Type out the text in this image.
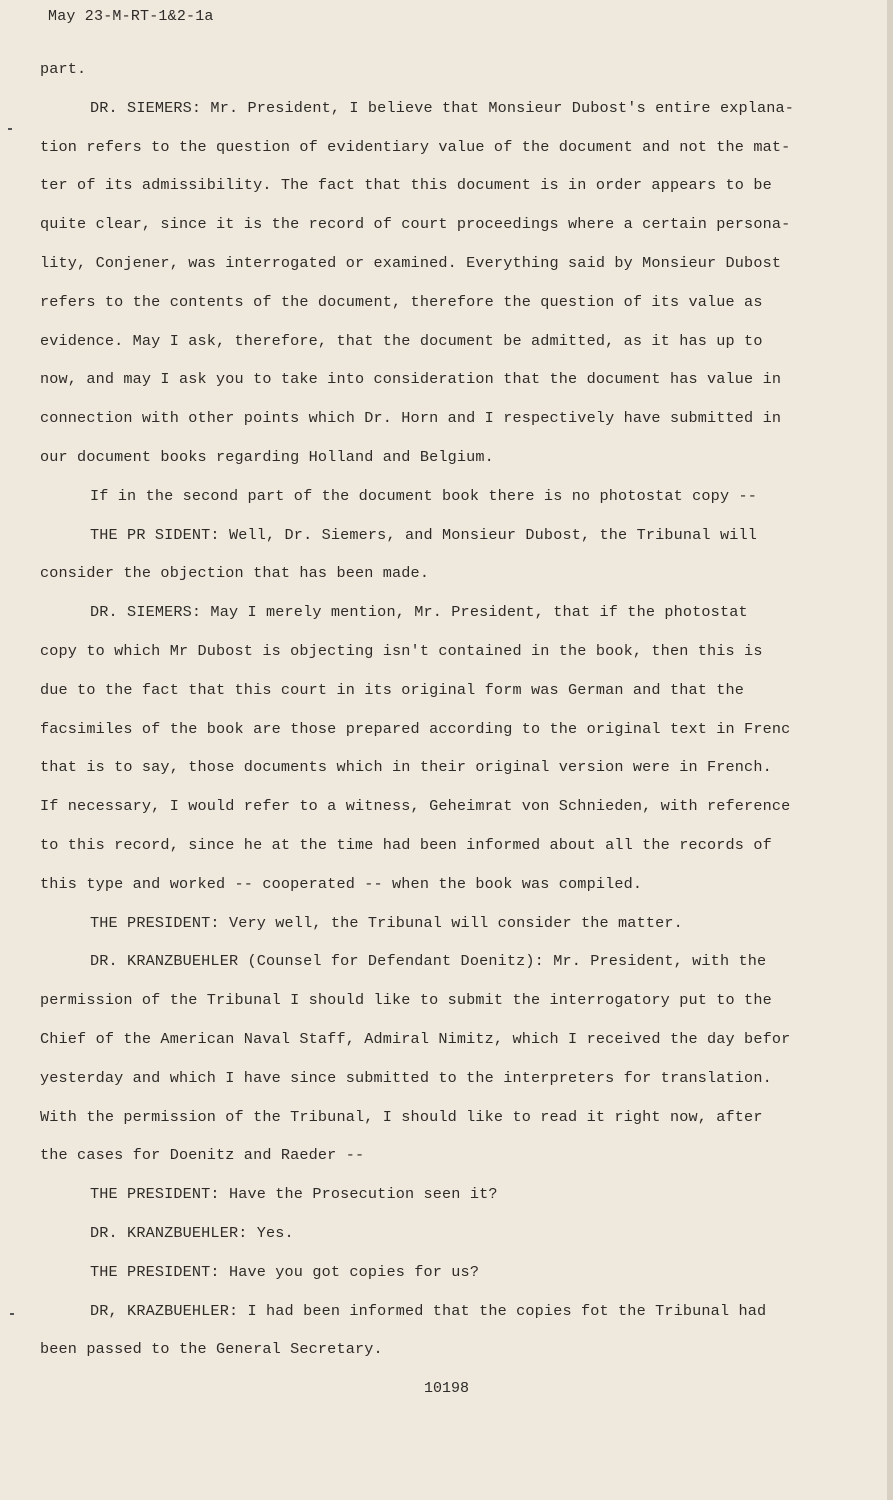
May 23-M-RT-1&2-1a
part.
DR. SIEMERS: Mr. President, I believe that Monsieur Dubost's entire explana-
tion refers to the question of evidentiary value of the document and not the mat-
ter of its admissibility. The fact that this document is in order appears to be
quite clear, since it is the record of court proceedings where a certain persona-
lity, Conjener, was interrogated or examined. Everything said by Monsieur Dubost
refers to the contents of the document, therefore the question of its value as
evidence. May I ask, therefore, that the document be admitted, as it has up to
now, and may I ask you to take into consideration that the document has value in
connection with other points which Dr. Horn and I respectively have submitted in
our document books regarding Holland and Belgium.
If in the second part of the document book there is no photostat copy --
THE PR SIDENT: Well, Dr. Siemers, and Monsieur Dubost, the Tribunal will
consider the objection that has been made.
DR. SIEMERS: May I merely mention, Mr. President, that if the photostat
copy to which Mr Dubost is objecting isn't contained in the book, then this is
due to the fact that this court in its original form was German and that the
facsimiles of the book are those prepared according to the original text in Frenc
that is to say, those documents which in their original version were in French.
If necessary, I would refer to a witness, Geheimrat von Schnieden, with reference
to this record, since he at the time had been informed about all the records of
this type and worked -- cooperated -- when the book was compiled.
THE PRESIDENT: Very well, the Tribunal will consider the matter.
DR. KRANZBUEHLER (Counsel for Defendant Doenitz): Mr. President, with the
permission of the Tribunal I should like to submit the interrogatory put to the
Chief of the American Naval Staff, Admiral Nimitz, which I received the day befor
yesterday and which I have since submitted to the interpreters for translation.
With the permission of the Tribunal, I should like to read it right now, after
the cases for Doenitz and Raeder --
THE PRESIDENT: Have the Prosecution seen it?
DR. KRANZBUEHLER: Yes.
THE PRESIDENT: Have you got copies for us?
DR, KRAZBUEHLER: I had been informed that the copies fot the Tribunal had
been passed to the General Secretary.
10198
